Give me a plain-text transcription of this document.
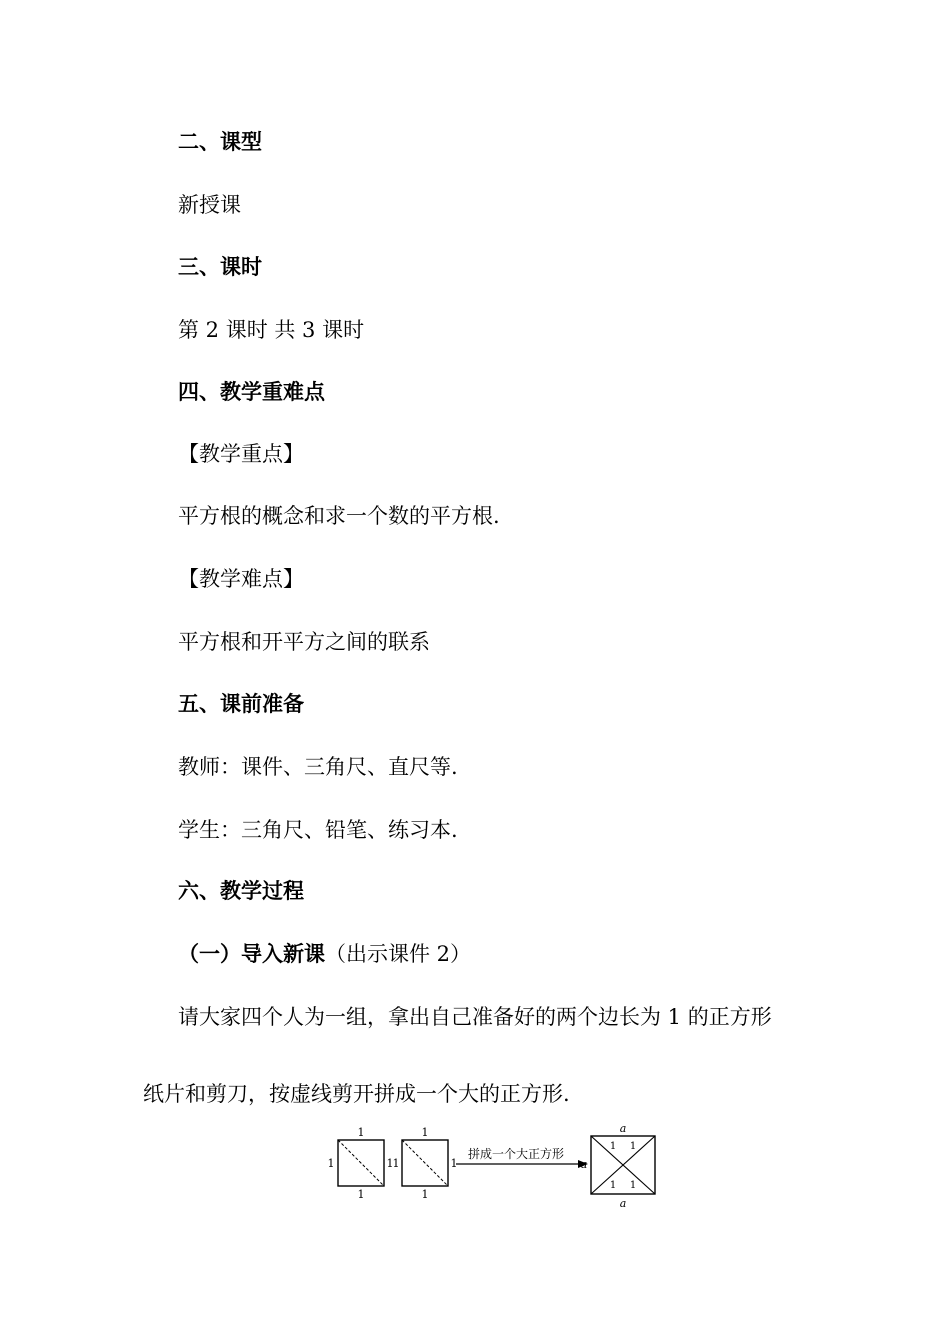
二、课型
新授课
三、课时
第 2 课时 共 3 课时
四、教学重难点
【教学重点】
平方根的概念和求一个数的平方根.
【教学难点】
平方根和开平方之间的联系
五、课前准备
教师：课件、三角尺、直尺等.
学生：三角尺、铅笔、练习本.
六、教学过程
（一）导入新课（出示课件 2）
请大家四个人为一组，拿出自己准备好的两个边长为 1 的正方形
纸片和剪刀，按虚线剪开拼成一个大的正方形.
1
1
1	1
1
1
1	1
拼成一个大正方形
a
a
a
1 1
1 1
